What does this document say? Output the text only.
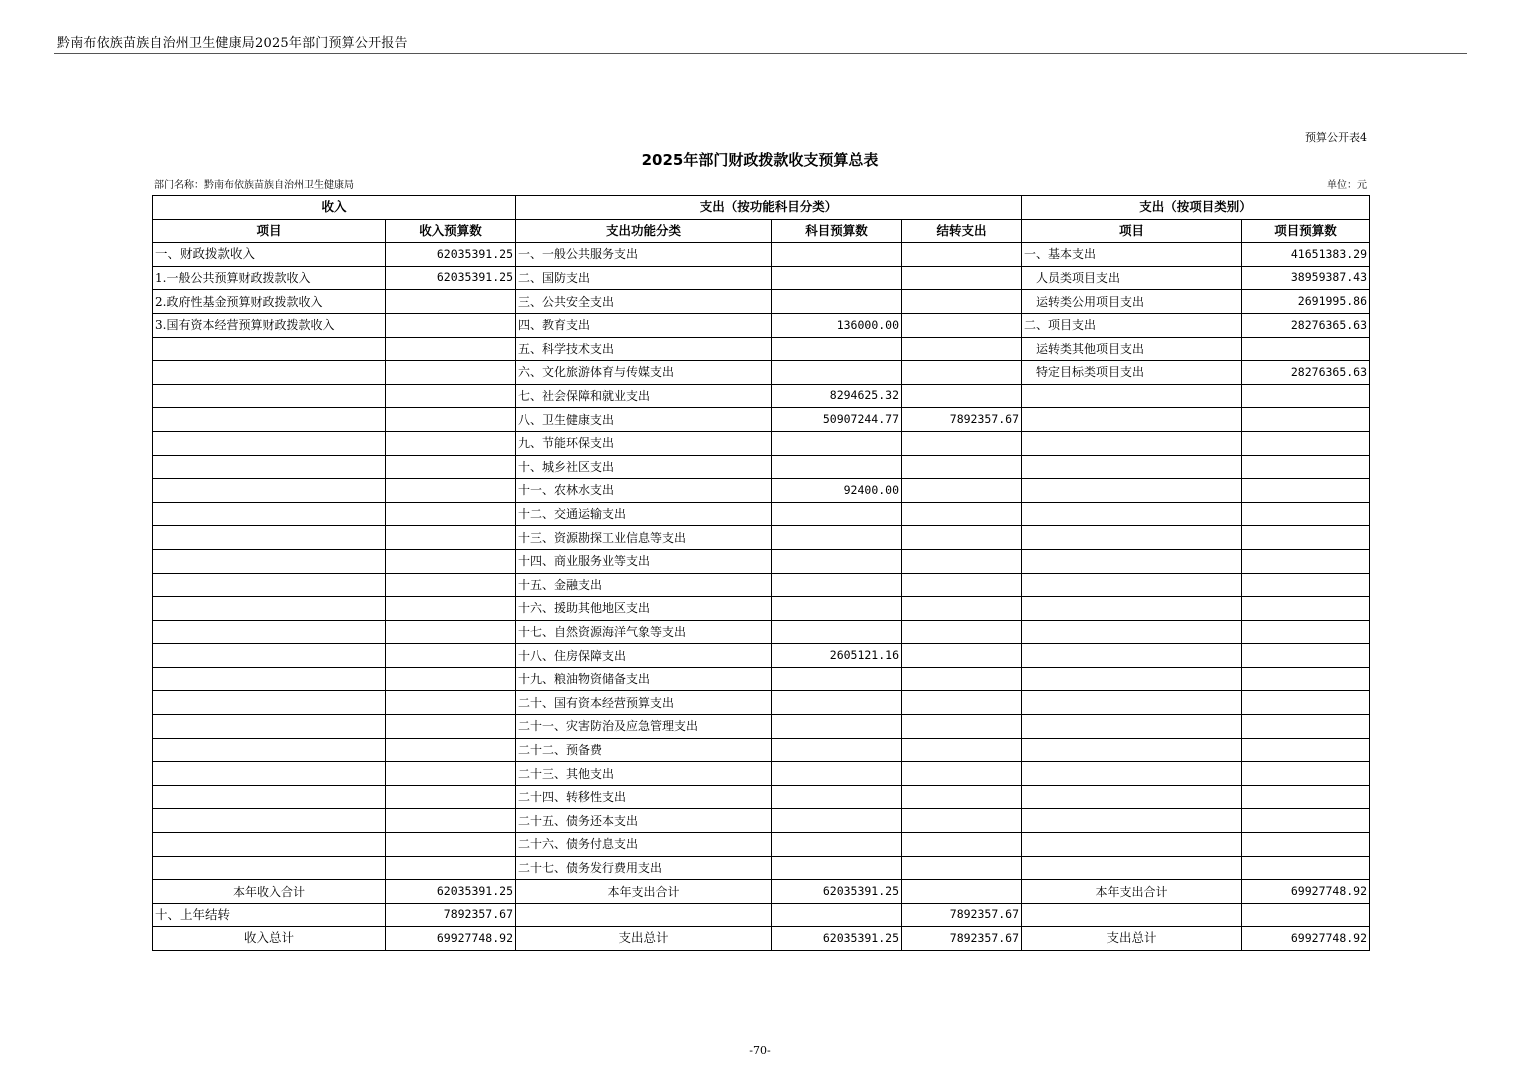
黔南布依族苗族自治州卫生健康局2025年部门预算公开报告
预算公开表4
2025年部门财政拨款收支预算总表
部门名称：黔南布依族苗族自治州卫生健康局	单位：元
收入		支出（按功能科目分类）			支出（按项目类别）	
项目	收入预算数	支出功能分类	科目预算数	结转支出	项目	项目预算数
一、财政拨款收入	62035391.25	一、一般公共服务支出			一、基本支出	41651383.29
1.一般公共预算财政拨款收入	62035391.25	二、国防支出			人员类项目支出	38959387.43
2.政府性基金预算财政拨款收入		三、公共安全支出			运转类公用项目支出	2691995.86
3.国有资本经营预算财政拨款收入		四、教育支出	136000.00		二、项目支出	28276365.63
		五、科学技术支出			运转类其他项目支出	
		六、文化旅游体育与传媒支出			特定目标类项目支出	28276365.63
		七、社会保障和就业支出	8294625.32			
		八、卫生健康支出	50907244.77	7892357.67		
		九、节能环保支出				
		十、城乡社区支出				
		十一、农林水支出	92400.00			
		十二、交通运输支出				
		十三、资源勘探工业信息等支出				
		十四、商业服务业等支出				
		十五、金融支出				
		十六、援助其他地区支出				
		十七、自然资源海洋气象等支出				
		十八、住房保障支出	2605121.16			
		十九、粮油物资储备支出				
		二十、国有资本经营预算支出				
		二十一、灾害防治及应急管理支出				
		二十二、预备费				
		二十三、其他支出				
		二十四、转移性支出				
		二十五、债务还本支出				
		二十六、债务付息支出				
		二十七、债务发行费用支出				
本年收入合计	62035391.25	本年支出合计	62035391.25		本年支出合计	69927748.92
十、上年结转	7892357.67			7892357.67		
收入总计	69927748.92	支出总计	62035391.25	7892357.67	支出总计	69927748.92
-70-
